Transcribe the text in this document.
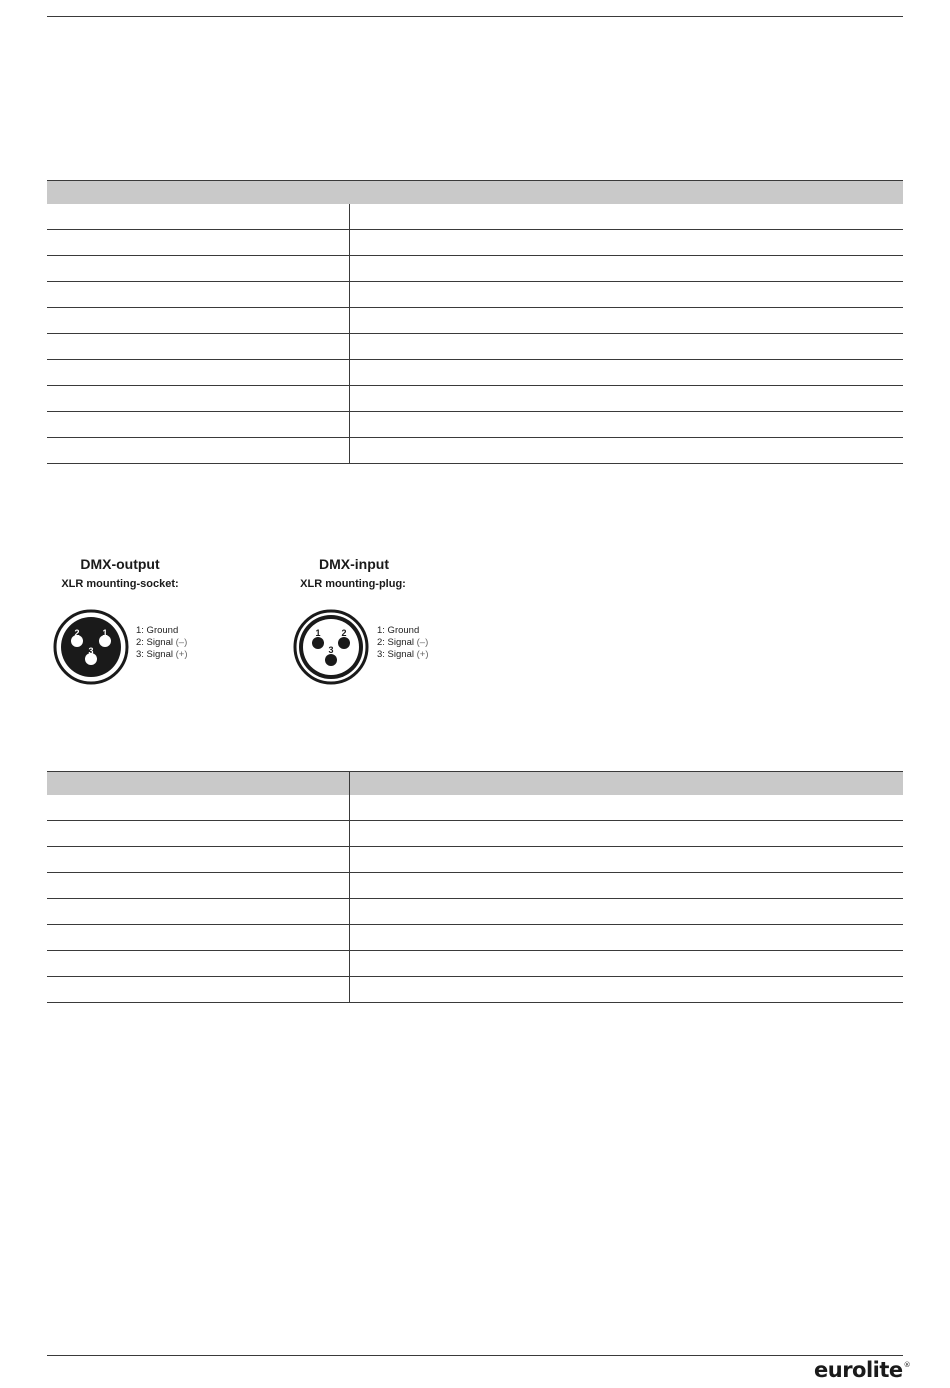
DMX-output
XLR mounting-socket:
1
2
3
1: Ground
2: Signal (–)
3: Signal (+)
DMX-input
XLR mounting-plug:
1 2
3
1: Ground
2: Signal (–)
3: Signal (+)

eurolite®
